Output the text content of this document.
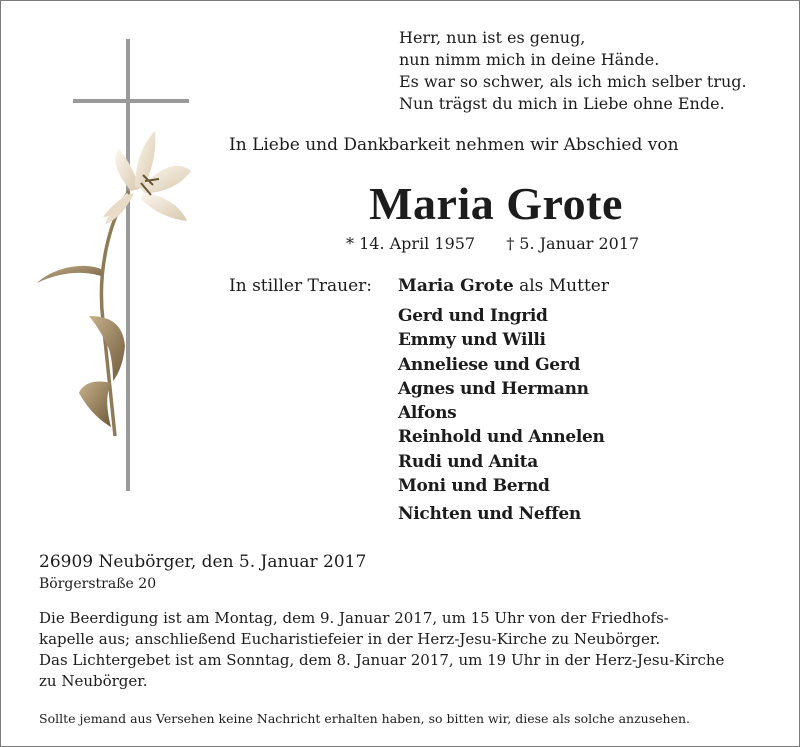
Herr, nun ist es genug,
nun nimm mich in deine Hände.
Es war so schwer, als ich mich selber trug.
Nun trägst du mich in Liebe ohne Ende.
In Liebe und Dankbarkeit nehmen wir Abschied von
Maria Grote
* 14. April 1957 † 5. Januar 2017
In stiller Trauer: Maria Grote als Mutter
Gerd und Ingrid
Emmy und Willi
Anneliese und Gerd
Agnes und Hermann
Alfons
Reinhold und Annelen
Rudi und Anita
Moni und Bernd
Nichten und Neffen
26909 Neubörger, den 5. Januar 2017
Börgerstraße 20
Die Beerdigung ist am Montag, dem 9. Januar 2017, um 15 Uhr von der Friedhofs-
kapelle aus; anschließend Eucharistiefeier in der Herz-Jesu-Kirche zu Neubörger.
Das Lichtergebet ist am Sonntag, dem 8. Januar 2017, um 19 Uhr in der Herz-Jesu-Kirche
zu Neubörger.
Sollte jemand aus Versehen keine Nachricht erhalten haben, so bitten wir, diese als solche anzusehen.
